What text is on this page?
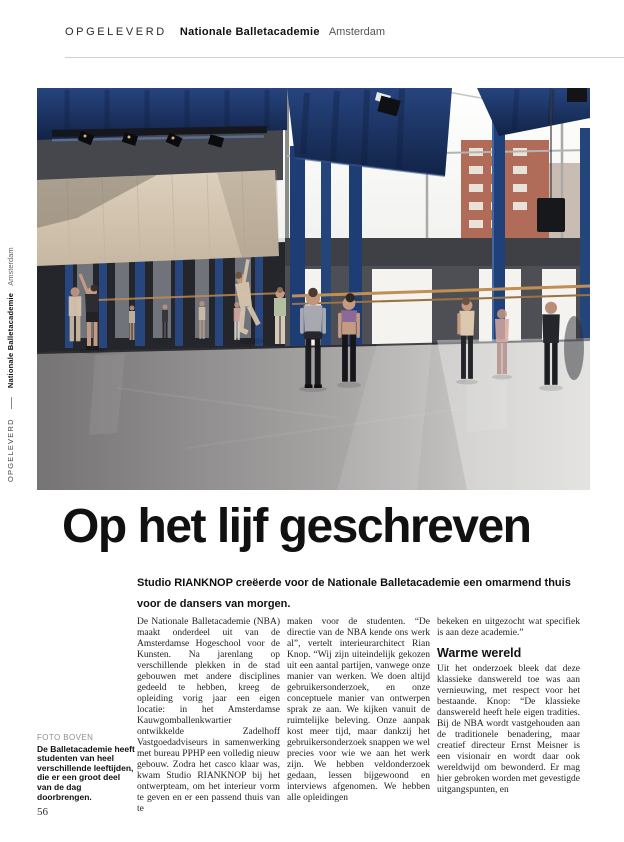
OPGELEVERD Nationale Balletacademie Amsterdam
OPGELEVERD  Nationale Balletacademie Amsterdam
Op het lijf geschreven

Studio RIANKNOP creëerde voor de Nationale Balletacademie een omarmend thuis voor de dansers van morgen.

De Nationale Balletacademie (NBA) maakt onderdeel uit van de Amsterdamse Hogeschool voor de Kunsten. Na jarenlang op verschillende plekken in de stad gebouwen met andere disciplines gedeeld te hebben, kreeg de opleiding vorig jaar een eigen locatie: in het Amsterdamse Kauwgomballenkwartier ontwikkelde Zadelhoff Vastgoedadviseurs in samenwerking met bureau PPHP een volledig nieuw gebouw. Zodra het casco klaar was, kwam Studio RIANKNOP bij het ontwerpteam, om het interieur vorm te geven en er een passend thuis van te

maken voor de studenten. “De directie van de NBA kende ons werk al”, vertelt interieurarchitect Rian Knop. “Wij zijn uiteindelijk gekozen uit een aantal partijen, vanwege onze manier van werken. We doen altijd gebruikersonderzoek, en onze conceptuele manier van ontwerpen sprak ze aan. We kijken vanuit de ruimtelijke beleving. Onze aanpak kost meer tijd, maar dankzij het gebruikersonderzoek snappen we wel precies voor wie we aan het werk zijn. We hebben veldonderzoek gedaan, lessen bijgewoond en interviews afgenomen. We hebben alle opleidingen

bekeken en uitgezocht wat specifiek is aan deze academie.”

Warme wereld

Uit het onderzoek bleek dat deze klassieke danswereld toe was aan vernieuwing, met respect voor het bestaande. Knop: “De klassieke danswereld heeft hele eigen tradities. Bij de NBA wordt vastgehouden aan de traditionele benadering, maar creatief directeur Ernst Meisner is een visionair en wordt daar ook wereldwijd om bewonderd. Er mag hier gebroken worden met gevestigde uitgangspunten, en

FOTO BOVEN
De Balletacademie heeft studenten van heel verschillende leeftijden, die er een groot deel van de dag doorbrengen.
56
